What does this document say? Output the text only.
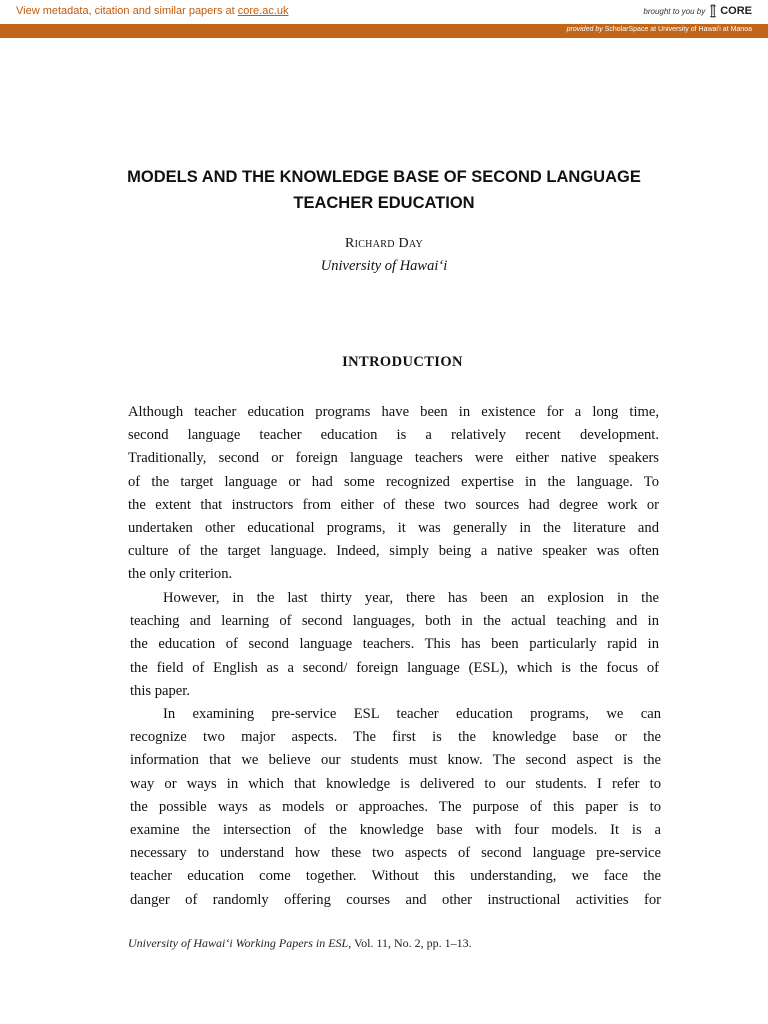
View metadata, citation and similar papers at core.ac.uk	brought to you by CORE
provided by ScholarSpace at University of Hawai'i at Manoa
MODELS AND THE KNOWLEDGE BASE OF SECOND LANGUAGE
TEACHER EDUCATION
Richard Day
University of Hawai‘i
INTRODUCTION
Although teacher education programs have been in existence for a long time,
second language teacher education is a relatively recent development.
Traditionally, second or foreign language teachers were either native speakers
of the target language or had some recognized expertise in the language. To
the extent that instructors from either of these two sources had degree work or
undertaken other educational programs, it was generally in the literature and
culture of the target language. Indeed, simply being a native speaker was often
the only criterion.
However, in the last thirty year, there has been an explosion in the
teaching and learning of second languages, both in the actual teaching and in
the education of second language teachers. This has been particularly rapid in
the field of English as a second/ foreign language (ESL), which is the focus of
this paper.
In examining pre-service ESL teacher education programs, we can
recognize two major aspects. The first is the knowledge base or the
information that we believe our students must know. The second aspect is the
way or ways in which that knowledge is delivered to our students. I refer to
the possible ways as models or approaches. The purpose of this paper is to
examine the intersection of the knowledge base with four models. It is a
necessary to understand how these two aspects of second language pre-service
teacher education come together. Without this understanding, we face the
danger of randomly offering courses and other instructional activities for
University of Hawai‘i Working Papers in ESL, Vol. 11, No. 2, pp. 1–13.
